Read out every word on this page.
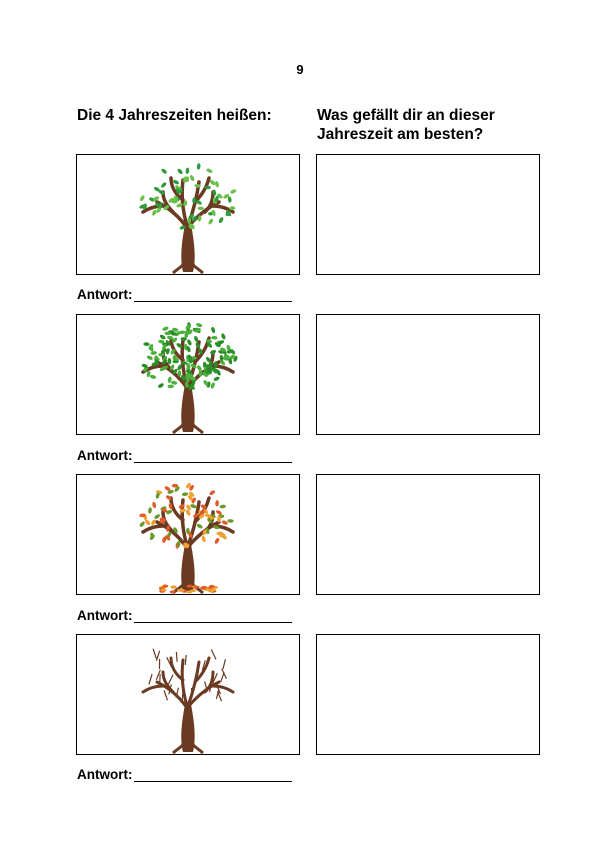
9
Die 4 Jahreszeiten heißen:	Was gefällt dir an dieser
Jahreszeit am besten?
Antwort:
Antwort:
Antwort:
Antwort:
